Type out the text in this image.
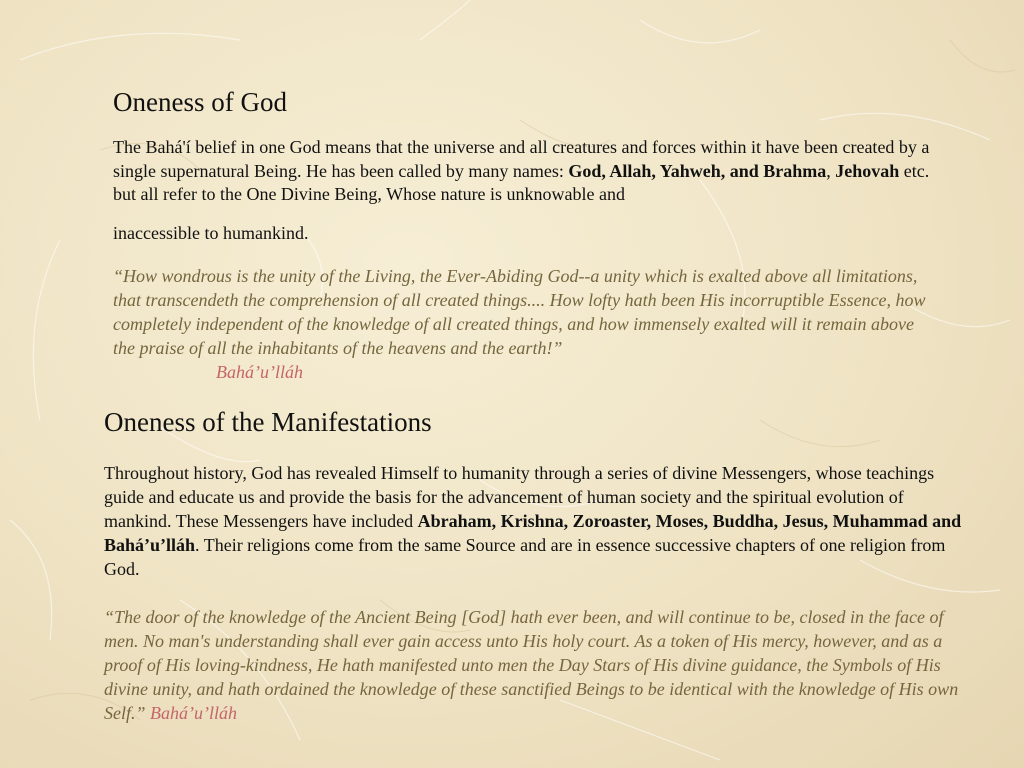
Oneness of God

The Bahá'í belief in one God means that the universe and all creatures and forces within it have been created by a single supernatural Being. He has been called by many names: God, Allah, Yahweh, and Brahma, Jehovah etc. but all refer to the One Divine Being, Whose nature is unknowable and
inaccessible to humankind.

“How wondrous is the unity of the Living, the Ever-Abiding God--a unity which is exalted above all limitations, that transcendeth the comprehension of all created things.... How lofty hath been His incorruptible Essence, how completely independent of the knowledge of all created things, and how immensely exalted will it remain above the praise of all the inhabitants of the heavens and the earth!”
Bahá’u’lláh
Oneness of the Manifestations

Throughout history, God has revealed Himself to humanity through a series of divine Messengers, whose teachings guide and educate us and provide the basis for the advancement of human society and the spiritual evolution of mankind. These Messengers have included Abraham, Krishna, Zoroaster, Moses, Buddha, Jesus, Muhammad and Bahá’u’lláh. Their religions come from the same Source and are in essence successive chapters of one religion from God.

“The door of the knowledge of the Ancient Being [God] hath ever been, and will continue to be, closed in the face of men. No man's understanding shall ever gain access unto His holy court. As a token of His mercy, however, and as a proof of His loving-kindness, He hath manifested unto men the Day Stars of His divine guidance, the Symbols of His divine unity, and hath ordained the knowledge of these sanctified Beings to be identical with the knowledge of His own Self.” Bahá’u’lláh
